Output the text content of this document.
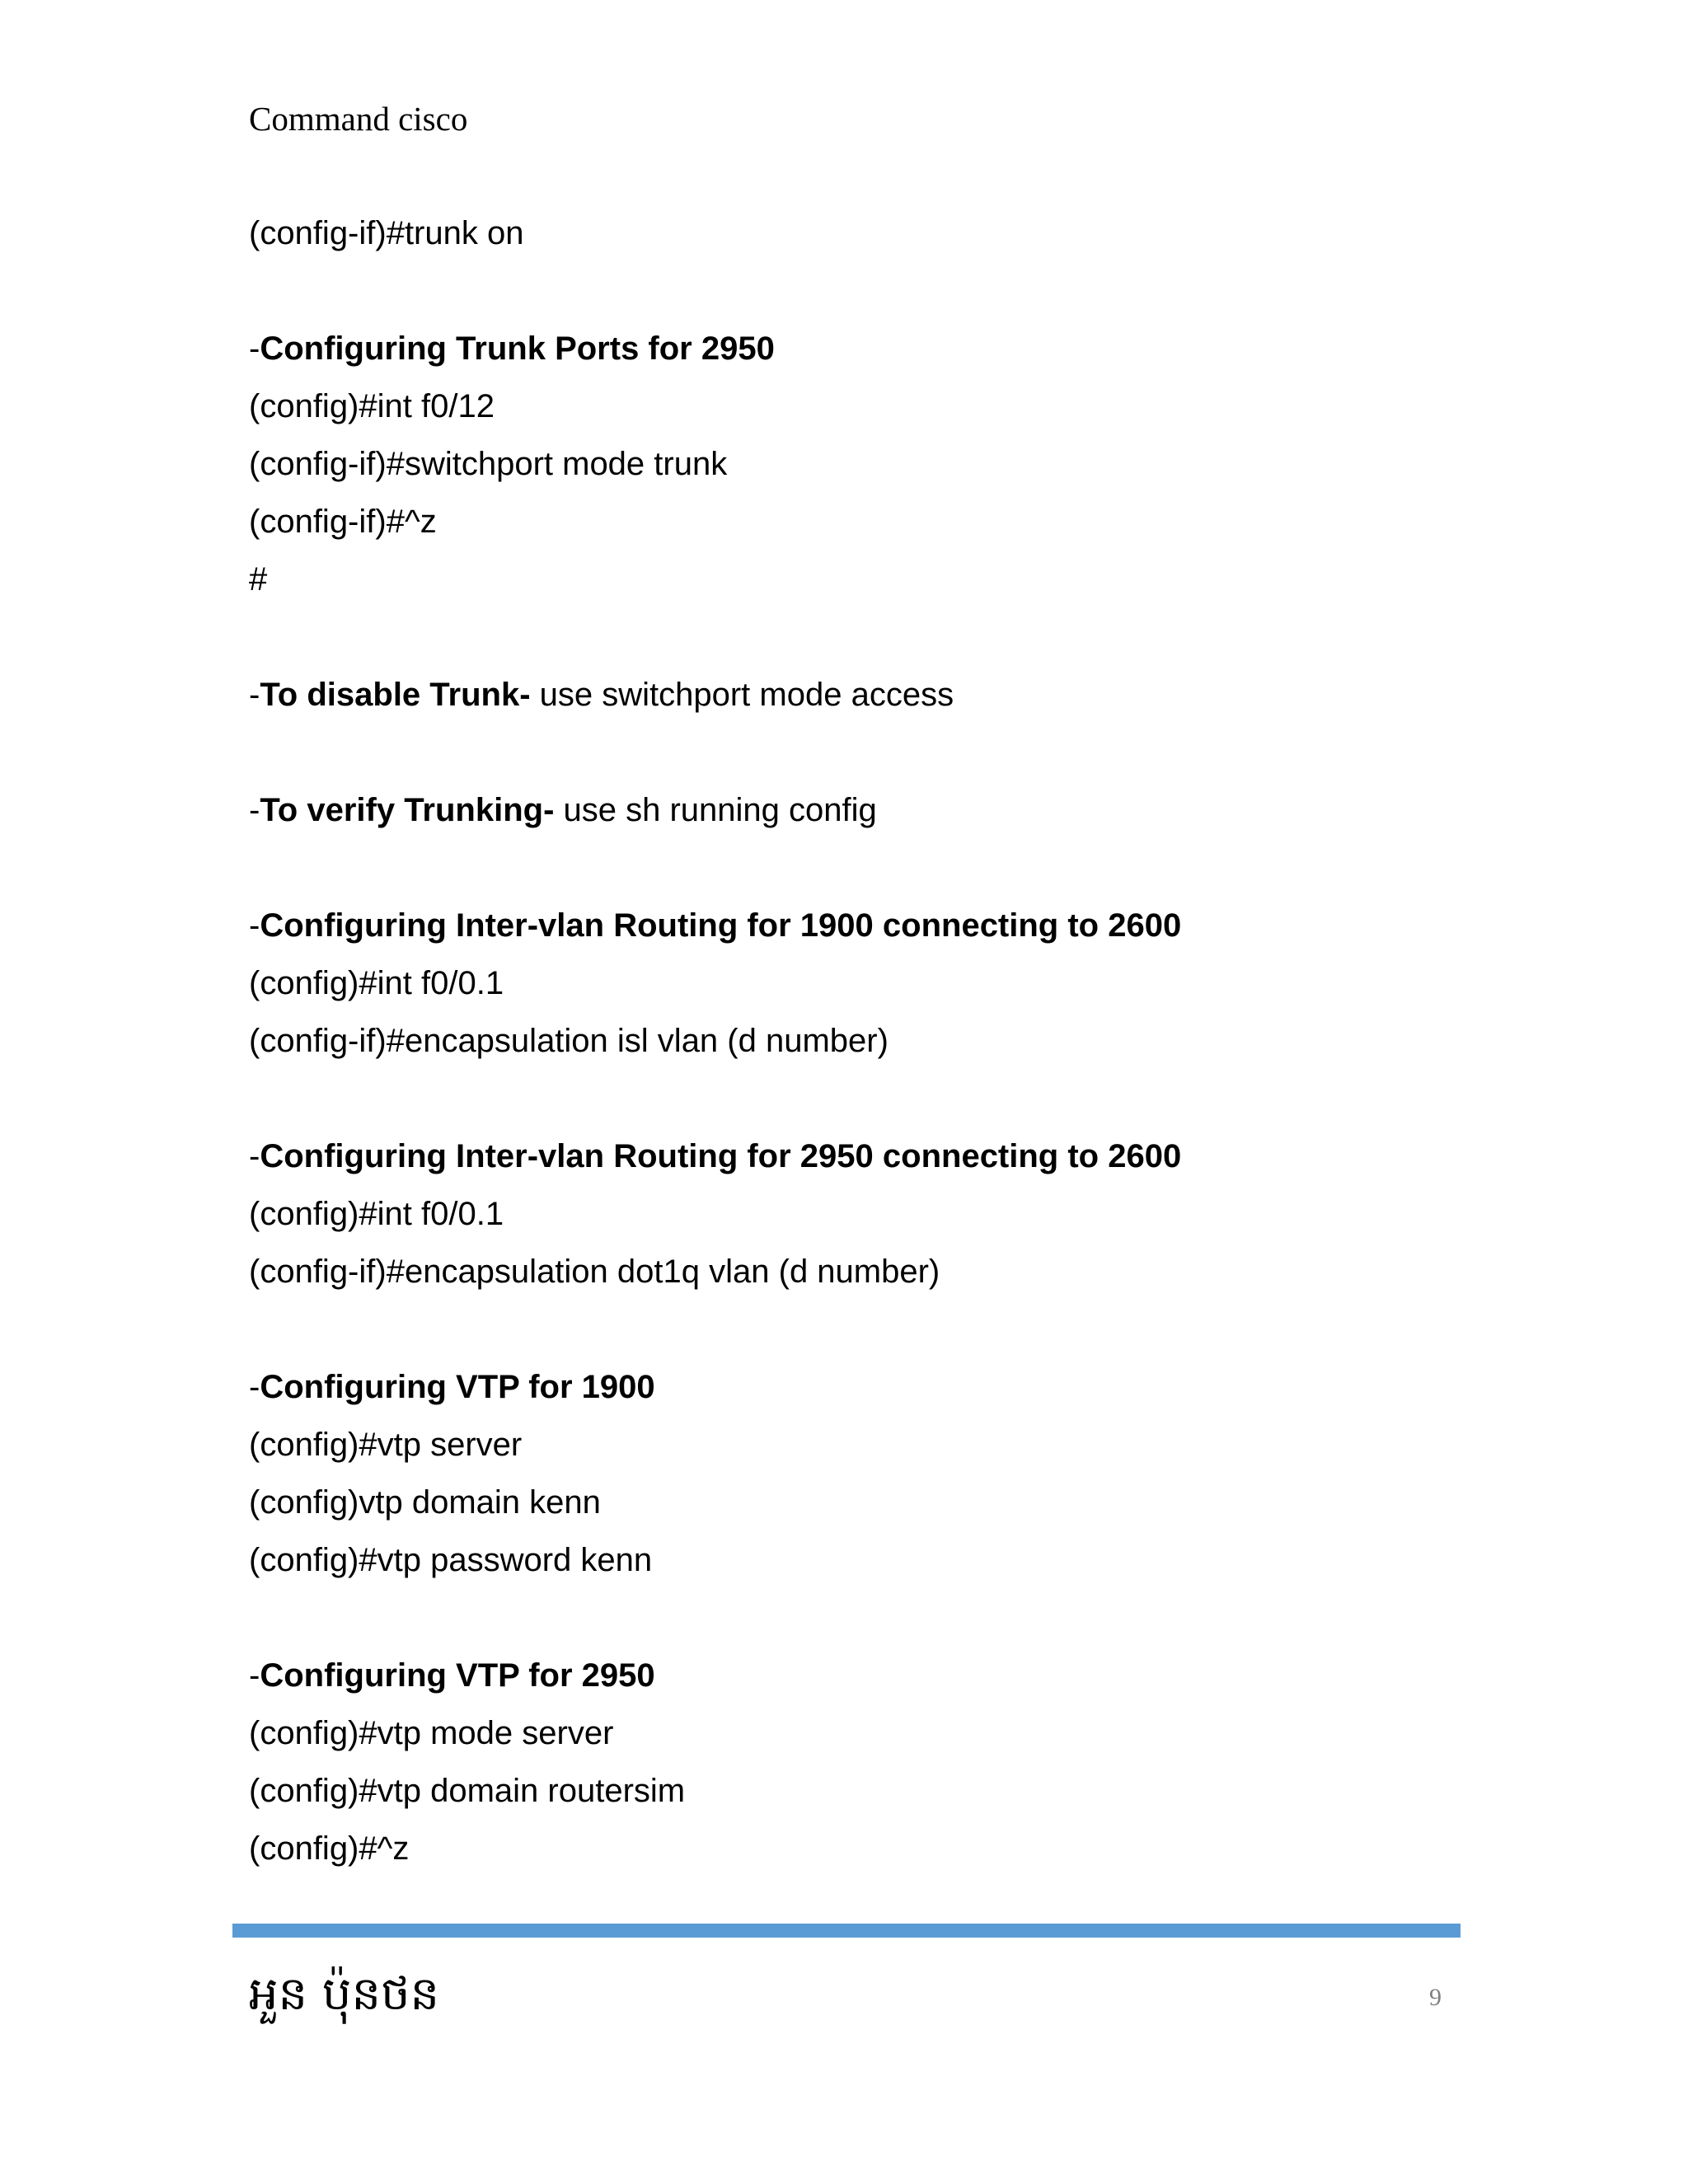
Command cisco
(config-if)#trunk on
-Configuring Trunk Ports for 2950
(config)#int f0/12
(config-if)#switchport mode trunk
(config-if)#^z
#
-To disable Trunk- use switchport mode access
-To verify Trunking- use sh running config
-Configuring Inter-vlan Routing for 1900 connecting to 2600
(config)#int f0/0.1
(config-if)#encapsulation isl vlan (d number)
-Configuring Inter-vlan Routing for 2950 connecting to 2600
(config)#int f0/0.1
(config-if)#encapsulation dot1q vlan (d number)
-Configuring VTP for 1900
(config)#vtp server
(config)vtp domain kenn
(config)#vtp password kenn
-Configuring VTP for 2950
(config)#vtp mode server
(config)#vtp domain routersim
(config)#^z
អួន ប៉ុនថន	9
